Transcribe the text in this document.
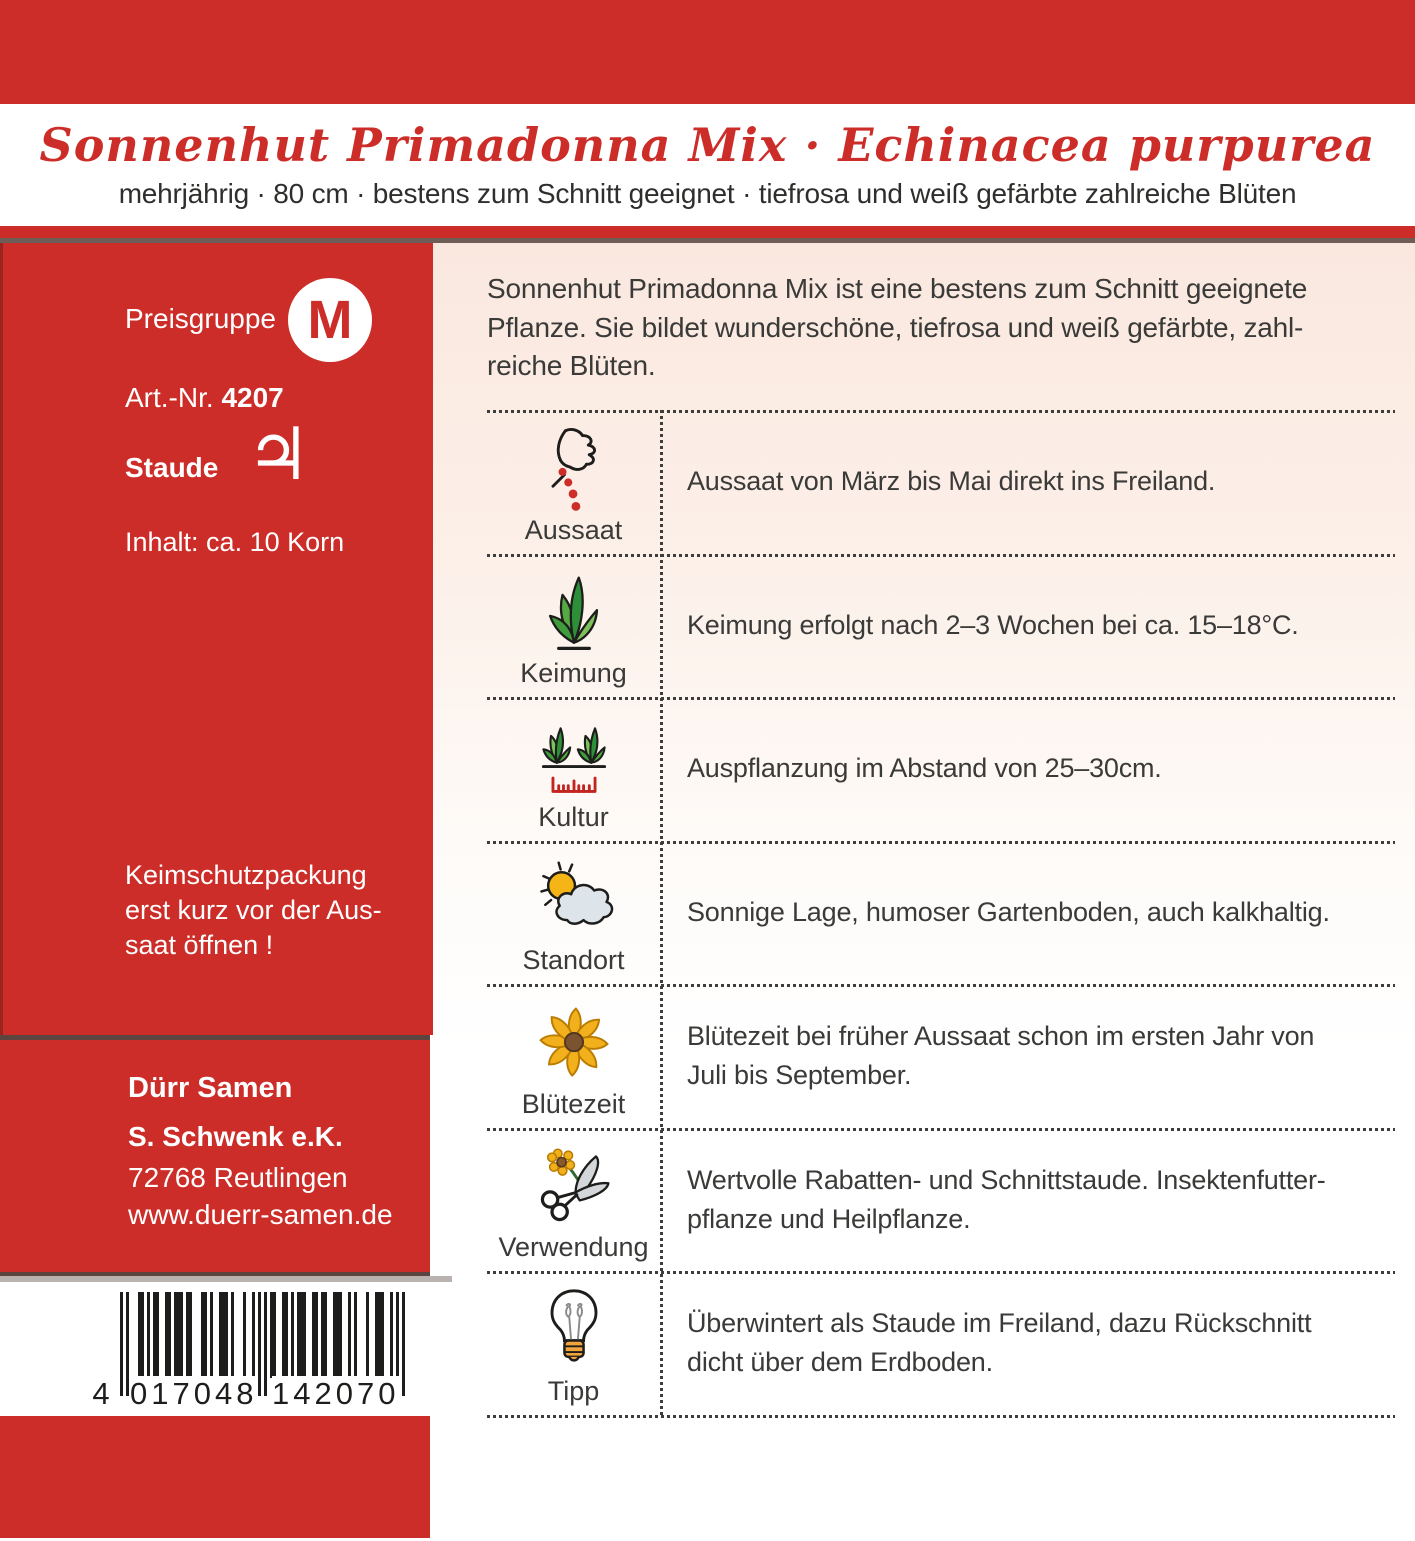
Sonnenhut Primadonna Mix · Echinacea purpurea
mehrjährig · 80 cm · bestens zum Schnitt geeignet · tiefrosa und weiß gefärbte zahlreiche Blüten
Preisgruppe M
Art.-Nr. 4207
Staude ♃
Inhalt: ca. 10 Korn
Keimschutzpackung
erst kurz vor der Aus-
saat öffnen !
Dürr Samen
S. Schwenk e.K.
72768 Reutlingen
www.duerr-samen.de
4 017048 142070
Sonnenhut Primadonna Mix ist eine bestens zum Schnitt geeignete
Pflanze. Sie bildet wunderschöne, tiefrosa und weiß gefärbte, zahl-
reiche Blüten.
Aussaat
Aussaat von März bis Mai direkt ins Freiland.
Keimung
Keimung erfolgt nach 2–3 Wochen bei ca. 15–18°C.
Kultur
Auspflanzung im Abstand von 25–30cm.
Standort
Sonnige Lage, humoser Gartenboden, auch kalkhaltig.
Blütezeit
Blütezeit bei früher Aussaat schon im ersten Jahr von
Juli bis September.
Verwendung
Wertvolle Rabatten- und Schnittstaude. Insektenfutter-
pflanze und Heilpflanze.
Tipp
Überwintert als Staude im Freiland, dazu Rückschnitt
dicht über dem Erdboden.
